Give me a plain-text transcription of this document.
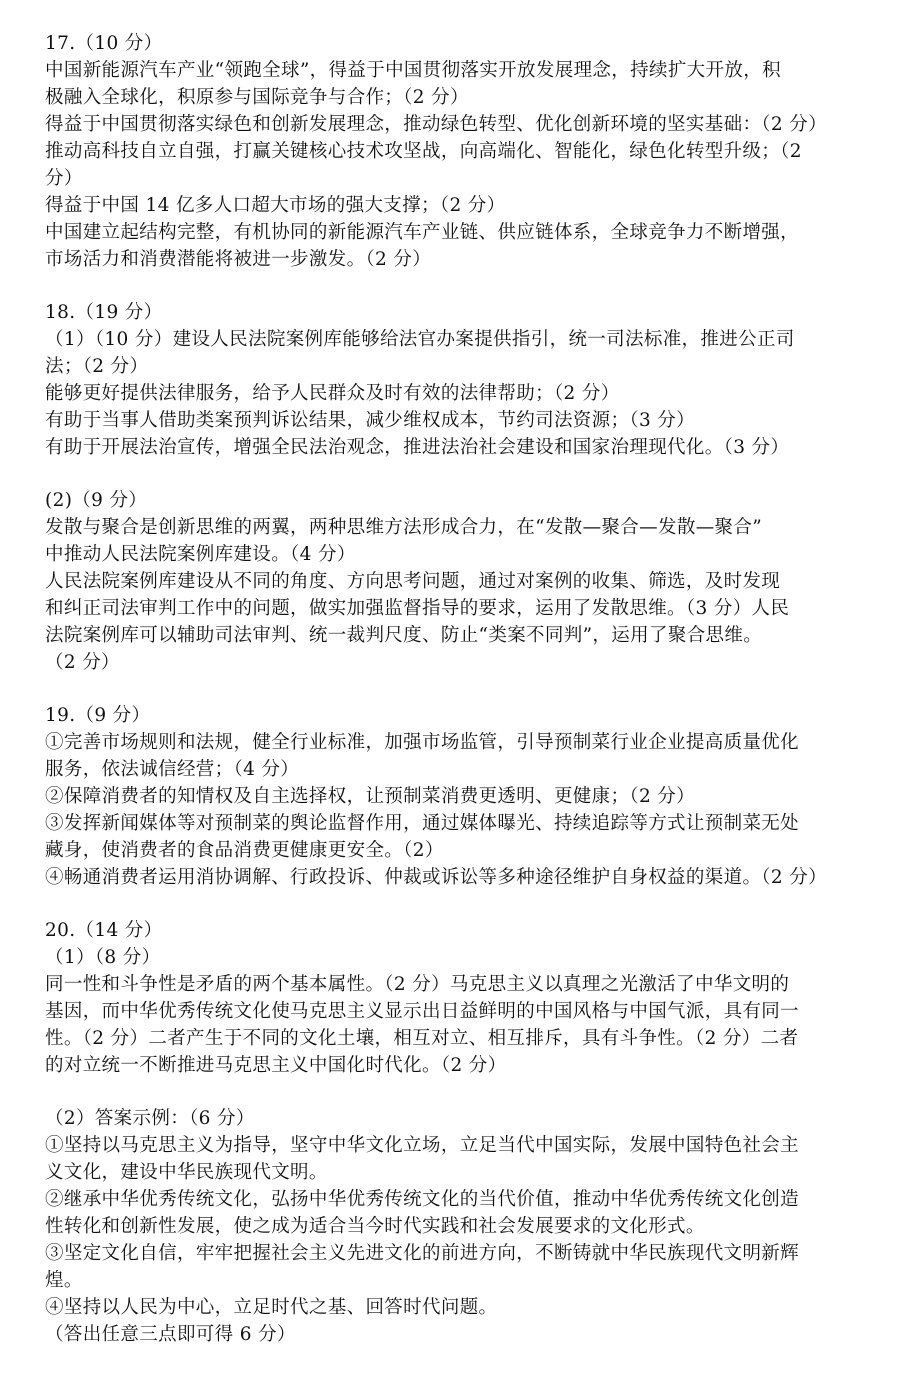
17.（10 分）
中国新能源汽车产业“领跑全球”，得益于中国贯彻落实开放发展理念，持续扩大开放，积
极融入全球化，积原参与国际竞争与合作；（2 分）
得益于中国贯彻落实绿色和创新发展理念，推动绿色转型、优化创新环境的坚实基础：（2 分）
推动高科技自立自强，打赢关键核心技术攻坚战，向高端化、智能化，绿色化转型升级；（2
分）
得益于中国 14 亿多人口超大市场的强大支撑；（2 分）
中国建立起结构完整，有机协同的新能源汽车产业链、供应链体系，全球竞争力不断增强，
市场活力和消费潜能将被进一步激发。（2 分）
18.（19 分）
（1）（10 分）建设人民法院案例库能够给法官办案提供指引，统一司法标准，推进公正司
法；（2 分）
能够更好提供法律服务，给予人民群众及时有效的法律帮助；（2 分）
有助于当事人借助类案预判诉讼结果，减少维权成本，节约司法资源；（3 分）
有助于开展法治宣传，增强全民法治观念，推进法治社会建设和国家治理现代化。（3 分）
(2)（9 分）
发散与聚合是创新思维的两翼，两种思维方法形成合力，在“发散—聚合—发散—聚合”
中推动人民法院案例库建设。（4 分）
人民法院案例库建设从不同的角度、方向思考问题，通过对案例的收集、筛选，及时发现
和纠正司法审判工作中的问题，做实加强监督指导的要求，运用了发散思维。（3 分）人民
法院案例库可以辅助司法审判、统一裁判尺度、防止“类案不同判”，运用了聚合思维。
（2 分）
19.（9 分）
①完善市场规则和法规，健全行业标准，加强市场监管，引导预制菜行业企业提高质量优化
服务，依法诚信经营；（4 分）
②保障消费者的知情权及自主选择权，让预制菜消费更透明、更健康；（2 分）
③发挥新闻媒体等对预制菜的舆论监督作用，通过媒体曝光、持续追踪等方式让预制菜无处
藏身，使消费者的食品消费更健康更安全。（2）
④畅通消费者运用消协调解、行政投诉、仲裁或诉讼等多种途径维护自身权益的渠道。（2 分）
20.（14 分）
（1）（8 分）
同一性和斗争性是矛盾的两个基本属性。（2 分）马克思主义以真理之光激活了中华文明的
基因，而中华优秀传统文化使马克思主义显示出日益鲜明的中国风格与中国气派，具有同一
性。（2 分）二者产生于不同的文化土壤，相互对立、相互排斥，具有斗争性。（2 分）二者
的对立统一不断推进马克思主义中国化时代化。（2 分）
（2）答案示例：（6 分）
①坚持以马克思主义为指导，坚守中华文化立场，立足当代中国实际，发展中国特色社会主
义文化，建设中华民族现代文明。
②继承中华优秀传统文化，弘扬中华优秀传统文化的当代价值，推动中华优秀传统文化创造
性转化和创新性发展，使之成为适合当今时代实践和社会发展要求的文化形式。
③坚定文化自信，牢牢把握社会主义先进文化的前进方向，不断铸就中华民族现代文明新辉
煌。
④坚持以人民为中心，立足时代之基、回答时代问题。
（答出任意三点即可得 6 分）
